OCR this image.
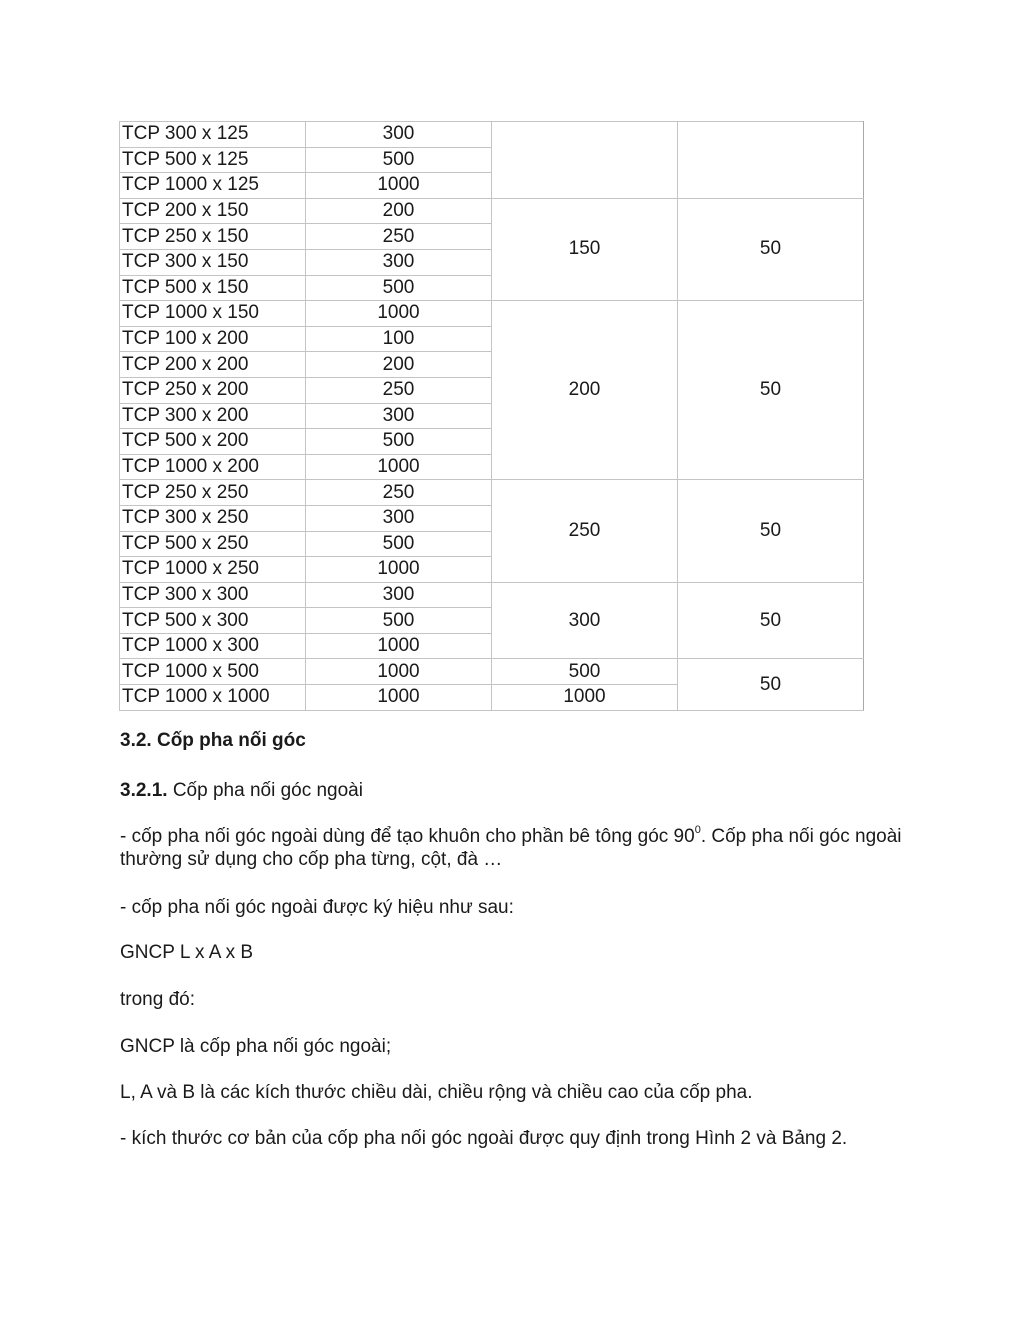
TCP 300 x 125	300		
TCP 500 x 125	500		
TCP 1000 x 125	1000		
TCP 200 x 150	200	150	50
TCP 250 x 150	250		
TCP 300 x 150	300		
TCP 500 x 150	500		
TCP 1000 x 150	1000	200	50
TCP 100 x 200	100		
TCP 200 x 200	200		
TCP 250 x 200	250		
TCP 300 x 200	300		
TCP 500 x 200	500		
TCP 1000 x 200	1000		
TCP 250 x 250	250	250	50
TCP 300 x 250	300		
TCP 500 x 250	500		
TCP 1000 x 250	1000		
TCP 300 x 300	300	300	50
TCP 500 x 300	500		
TCP 1000 x 300	1000		
TCP 1000 x 500	1000	500	50
TCP 1000 x 1000	1000	1000	

3.2. Cốp pha nối góc

3.2.1. Cốp pha nối góc ngoài

- cốp pha nối góc ngoài dùng để tạo khuôn cho phần bê tông góc $90^0$. Cốp pha nối góc ngoài thường sử dụng cho cốp pha từng, cột, đà …

- cốp pha nối góc ngoài được ký hiệu như sau:

GNCP L x A x B

trong đó:

GNCP là cốp pha nối góc ngoài;

L, A và B là các kích thước chiều dài, chiều rộng và chiều cao của cốp pha.

- kích thước cơ bản của cốp pha nối góc ngoài được quy định trong Hình 2 và Bảng 2.
